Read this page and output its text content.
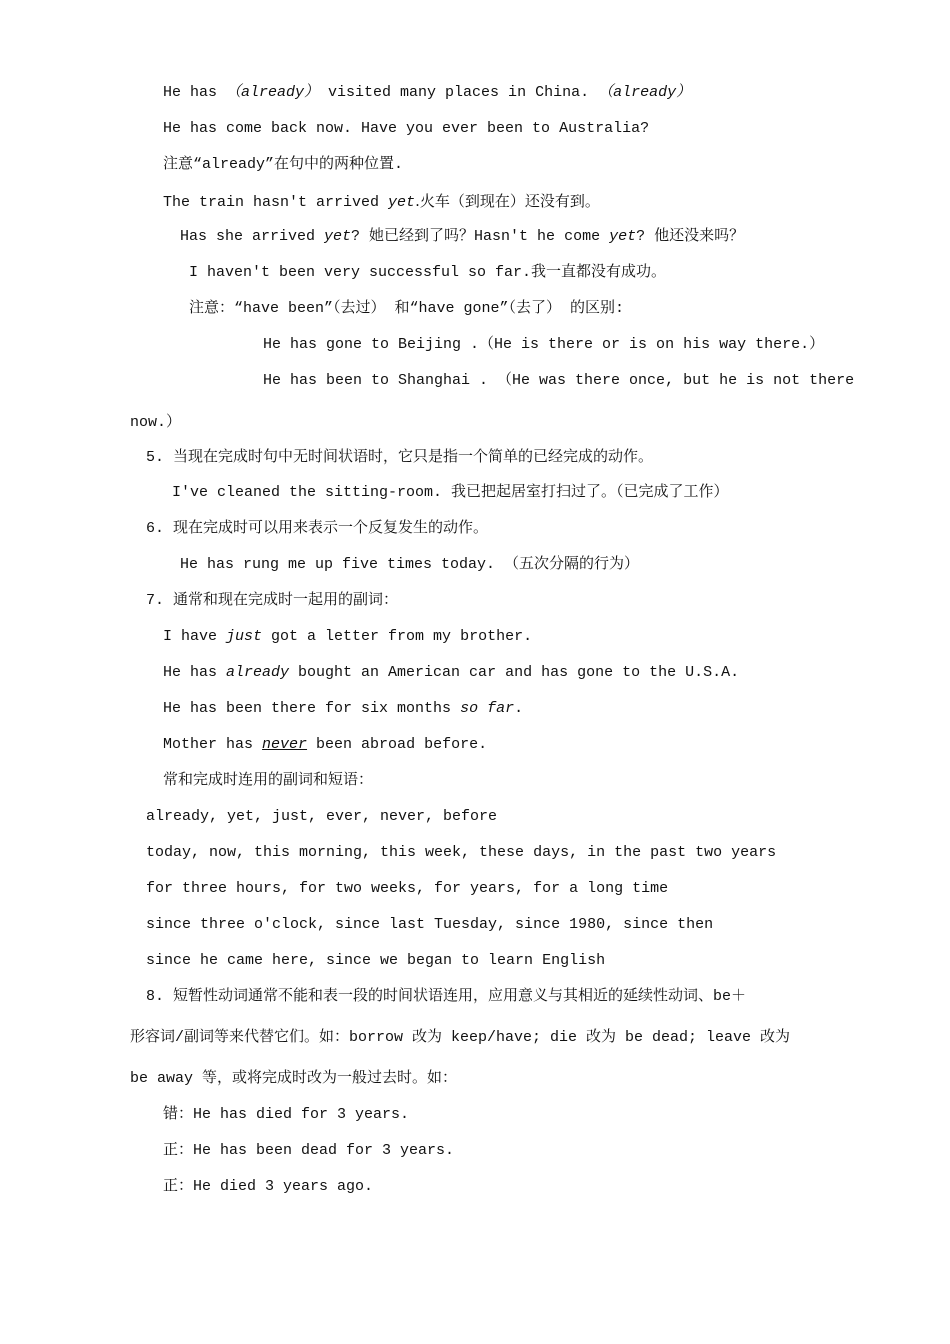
He has （already） visited many places in China. （already）
He has come back now. Have you ever been to Australia?
注意“already”在句中的两种位置.
The train hasn't arrived yet.火车（到现在）还没有到。
Has she arrived yet? 她已经到了吗？Hasn't he come yet? 他还没来吗？
I haven't been very successful so far.我一直都没有成功。
注意：“have been”（去过） 和“have gone”（去了） 的区别:
He has gone to Beijing .（He is there or is on his way there.）
He has been to Shanghai . （He was there once, but he is not there
now.）
5. 当现在完成时句中无时间状语时，它只是指一个简单的已经完成的动作。
I've cleaned the sitting-room. 我已把起居室打扫过了。（已完成了工作）
6. 现在完成时可以用来表示一个反复发生的动作。
He has rung me up five times today. （五次分隔的行为）
7. 通常和现在完成时一起用的副词：
I have just got a letter from my brother.
He has already bought an American car and has gone to the U.S.A.
He has been there for six months so far.
Mother has never been abroad before.
常和完成时连用的副词和短语：
already, yet, just, ever, never, before
today, now, this morning, this week, these days, in the past two years
for three hours, for two weeks, for years, for a long time
since three o'clock, since last Tuesday, since 1980, since then
since he came here, since we began to learn English
8. 短暂性动词通常不能和表一段的时间状语连用，应用意义与其相近的延续性动词、be＋
形容词/副词等来代替它们。如：borrow 改为 keep/have; die 改为 be dead; leave 改为
be away 等，或将完成时改为一般过去时。如：
错：He has died for 3 years.
正：He has been dead for 3 years.
正：He died 3 years ago.
